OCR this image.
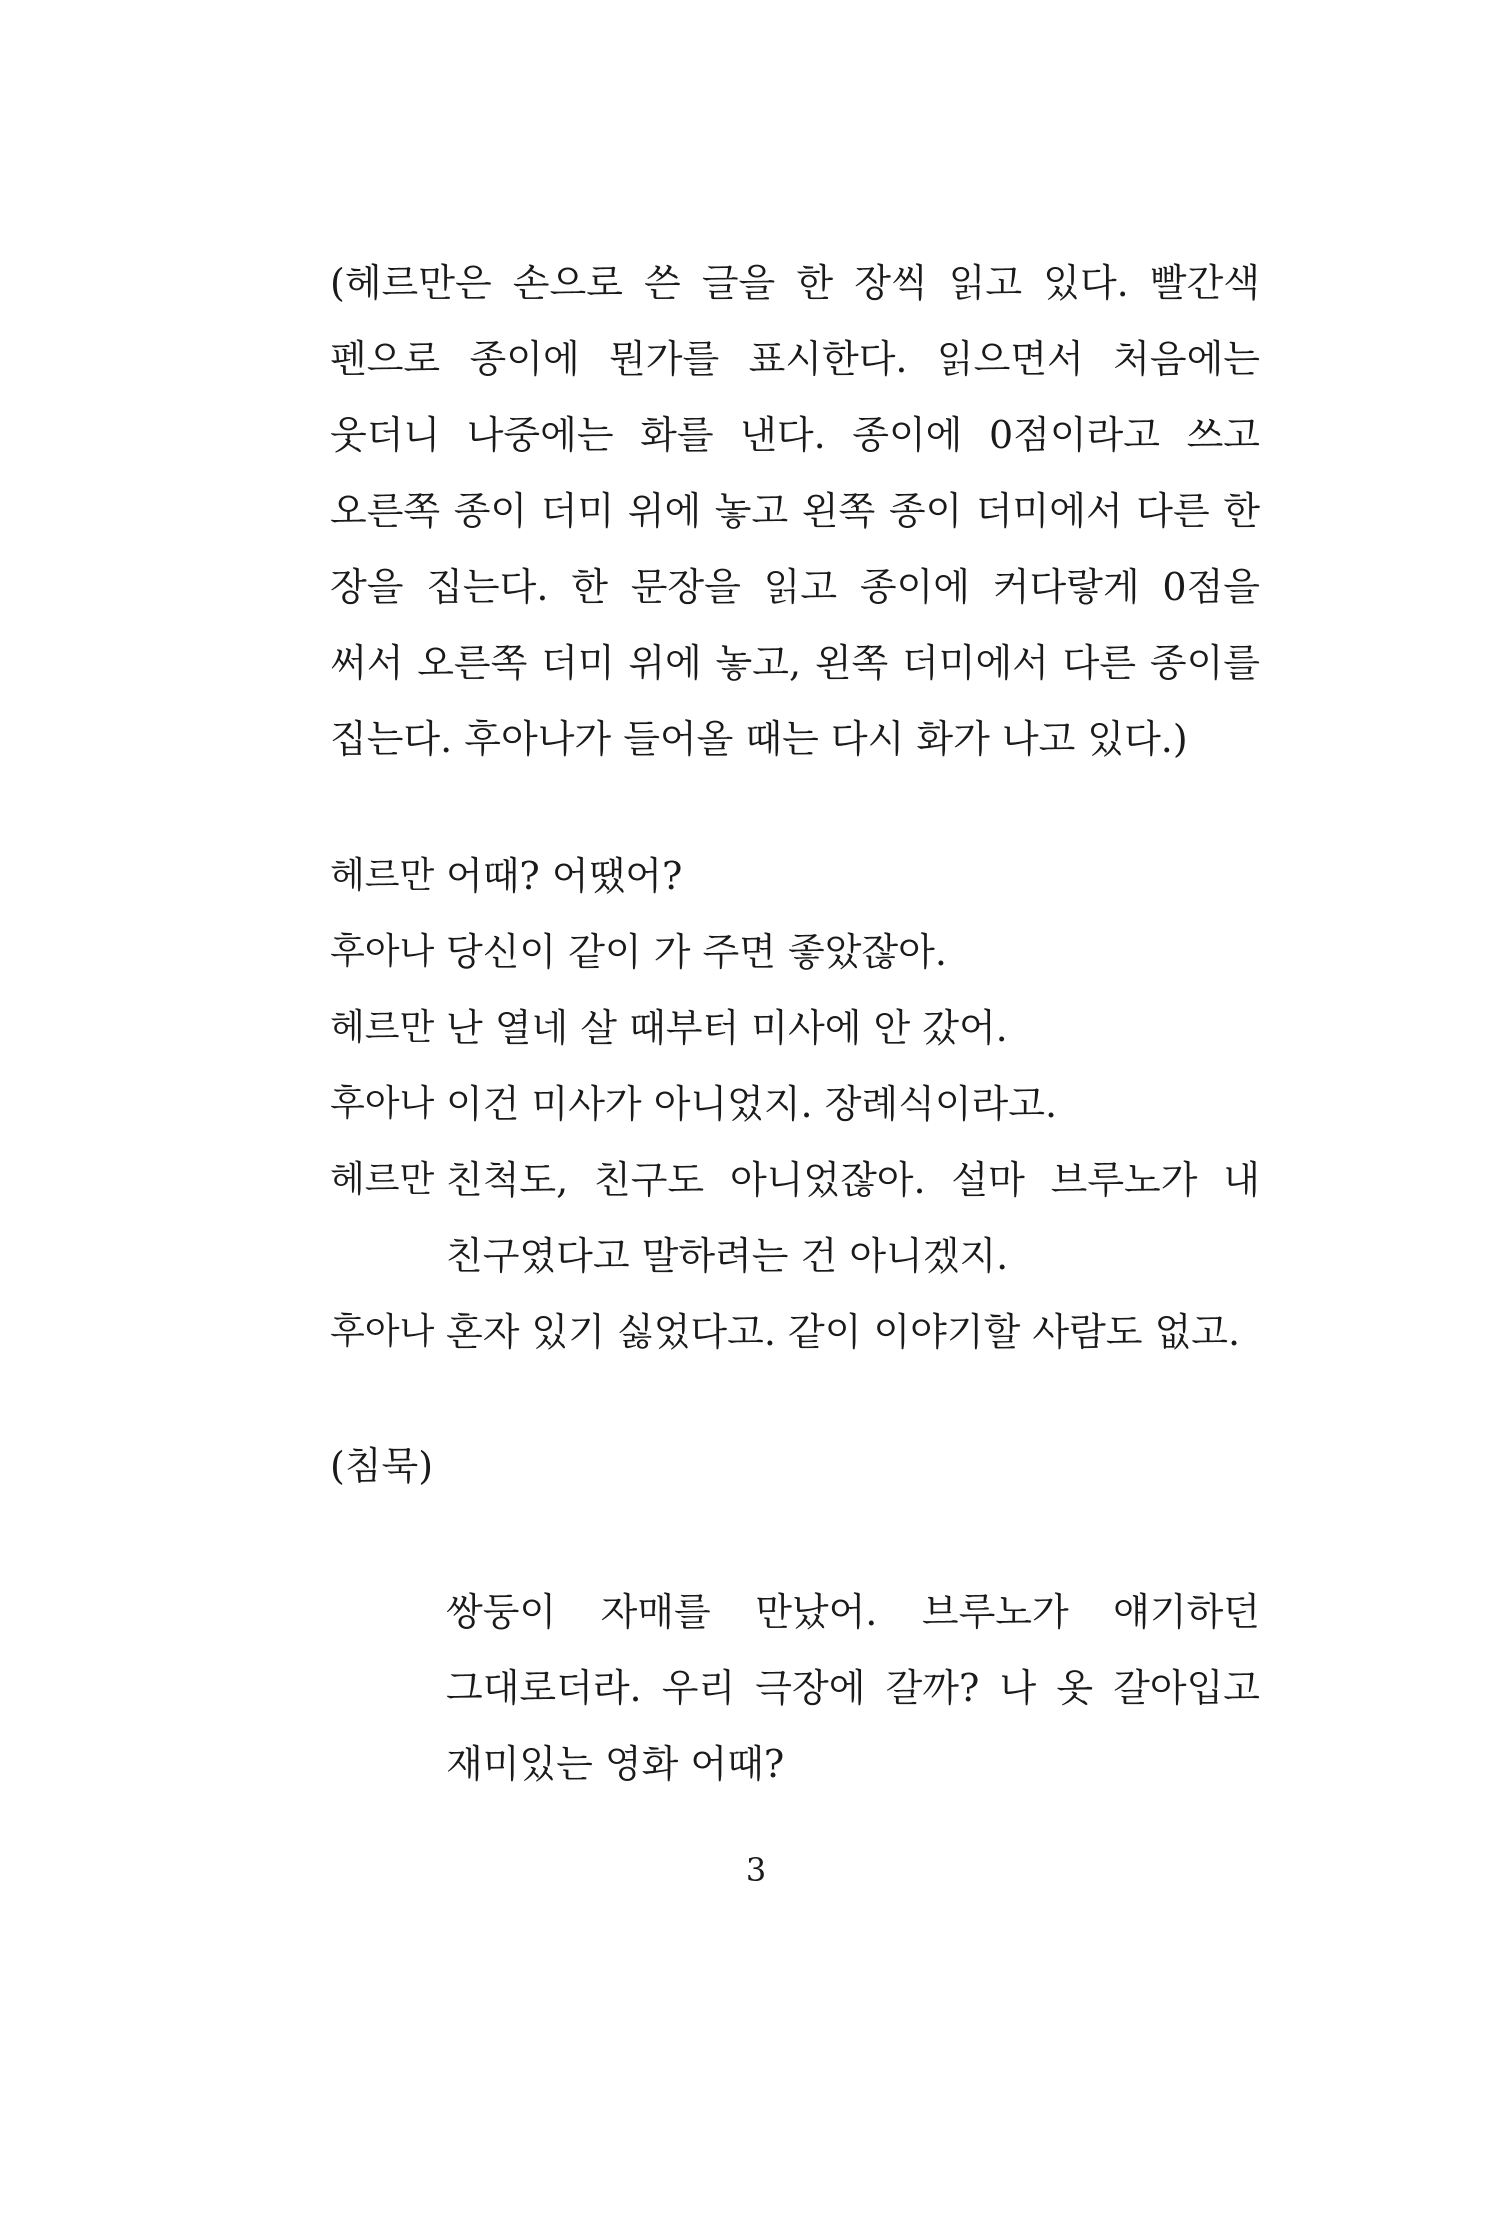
(헤르만은 손으로 쓴 글을 한 장씩 읽고 있다. 빨간색 펜으로 종이에 뭔가를 표시한다. 읽으면서 처음에는 웃더니 나중에는 화를 낸다. 종이에 0점이라고 쓰고 오른쪽 종이 더미 위에 놓고 왼쪽 종이 더미에서 다른 한 장을 집는다. 한 문장을 읽고 종이에 커다랗게 0점을 써서 오른쪽 더미 위에 놓고, 왼쪽 더미에서 다른 종이를 집는다. 후아나가 들어올 때는 다시 화가 나고 있다.)

헤르만 어때? 어땠어?
후아나 당신이 같이 가 주면 좋았잖아.
헤르만 난 열네 살 때부터 미사에 안 갔어.
후아나 이건 미사가 아니었지. 장례식이라고.
헤르만 친척도, 친구도 아니었잖아. 설마 브루노가 내 친구였다고 말하려는 건 아니겠지.
후아나 혼자 있기 싫었다고. 같이 이야기할 사람도 없고.

(침묵)

쌍둥이 자매를 만났어. 브루노가 얘기하던 그대로더라. 우리 극장에 갈까? 나 옷 갈아입고 재미있는 영화 어때?

3
